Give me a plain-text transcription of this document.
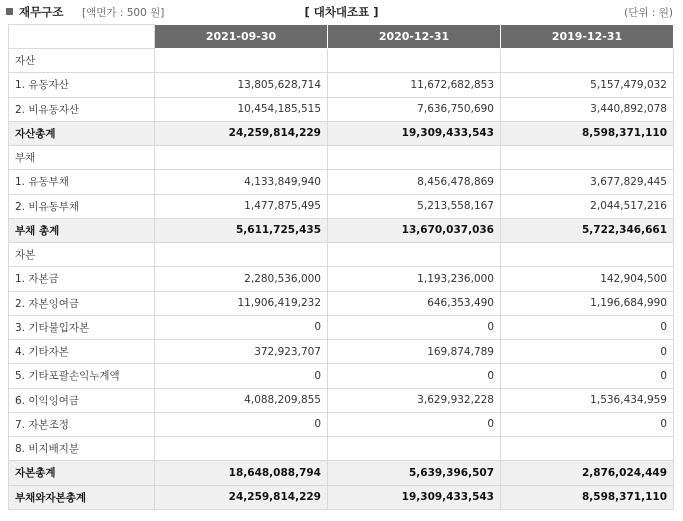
재무구조 [액면가 : 500 원]	[ 대차대조표 ]	(단위 : 원)
	2021-09-30	2020-12-31	2019-12-31
자산			
1. 유동자산	13,805,628,714	11,672,682,853	5,157,479,032
2. 비유동자산	10,454,185,515	7,636,750,690	3,440,892,078
자산총계	24,259,814,229	19,309,433,543	8,598,371,110
부채			
1. 유동부채	4,133,849,940	8,456,478,869	3,677,829,445
2. 비유동부채	1,477,875,495	5,213,558,167	2,044,517,216
부채 총계	5,611,725,435	13,670,037,036	5,722,346,661
자본			
1. 자본금	2,280,536,000	1,193,236,000	142,904,500
2. 자본잉여금	11,906,419,232	646,353,490	1,196,684,990
3. 기타불입자본	0	0	0
4. 기타자본	372,923,707	169,874,789	0
5. 기타포괄손익누계액	0	0	0
6. 이익잉여금	4,088,209,855	3,629,932,228	1,536,434,959
7. 자본조정	0	0	0
8. 비지배지분			
자본총계	18,648,088,794	5,639,396,507	2,876,024,449
부채와자본총계	24,259,814,229	19,309,433,543	8,598,371,110
